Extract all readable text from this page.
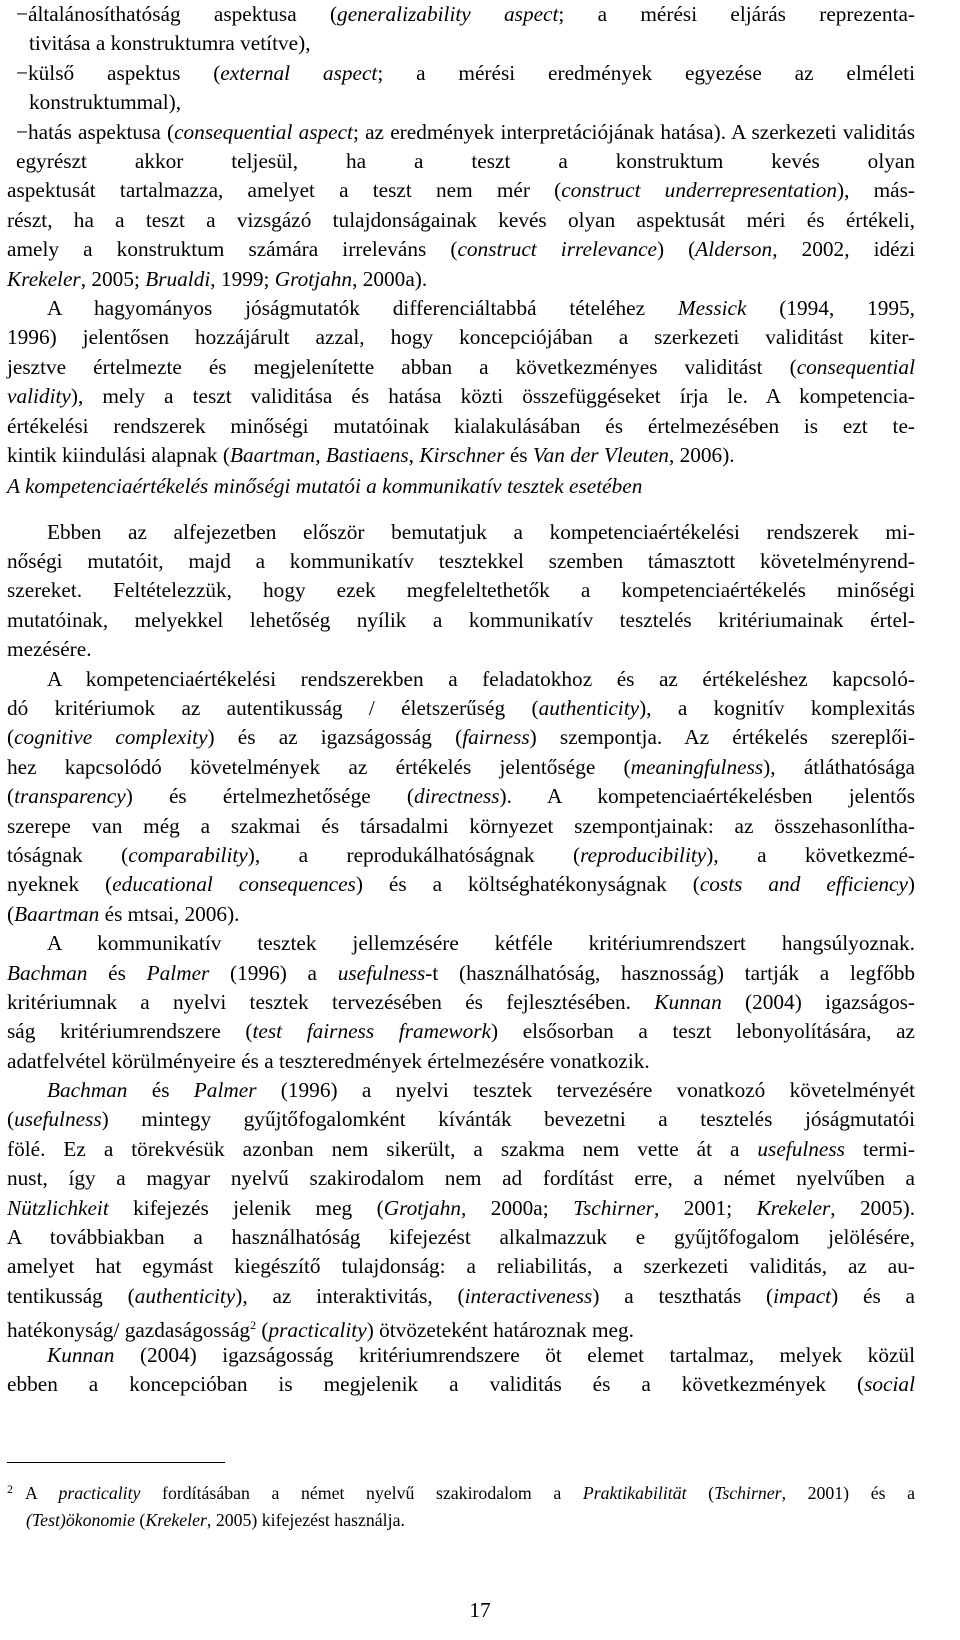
−általánosíthatóság aspektusa (generalizability aspect; a mérési eljárás reprezenta-
tivitása a konstruktumra vetítve),
−külső aspektus (external aspect; a mérési eredmények egyezése az elméleti
konstruktummal),
−hatás aspektusa (consequential aspect; az eredmények interpretációjának hatása). A szerkezeti validitás egyrészt akkor teljesül, ha a teszt a konstruktum kevés olyan
aspektusát tartalmazza, amelyet a teszt nem mér (construct underrepresentation), más-
részt, ha a teszt a vizsgázó tulajdonságainak kevés olyan aspektusát méri és értékeli,
amely a konstruktum számára irreleváns (construct irrelevance) (Alderson, 2002, idézi
Krekeler, 2005; Brualdi, 1999; Grotjahn, 2000a).
A hagyományos jóságmutatók differenciáltabbá tételéhez Messick (1994, 1995,
1996) jelentősen hozzájárult azzal, hogy koncepciójában a szerkezeti validitást kiter-
jesztve értelmezte és megjelenítette abban a következményes validitást (consequential
validity), mely a teszt validitása és hatása közti összefüggéseket írja le. A kompetencia-
értékelési rendszerek minőségi mutatóinak kialakulásában és értelmezésében is ezt te-
kintik kiindulási alapnak (Baartman, Bastiaens, Kirschner és Van der Vleuten, 2006).
A kompetenciaértékelés minőségi mutatói a kommunikatív tesztek esetében
Ebben az alfejezetben először bemutatjuk a kompetenciaértékelési rendszerek mi-
nőségi mutatóit, majd a kommunikatív tesztekkel szemben támasztott követelményrend-
szereket. Feltételezzük, hogy ezek megfeleltethetők a kompetenciaértékelés minőségi
mutatóinak, melyekkel lehetőség nyílik a kommunikatív tesztelés kritériumainak értel-
mezésére.
A kompetenciaértékelési rendszerekben a feladatokhoz és az értékeléshez kapcsoló-
dó kritériumok az autentikusság / életszerűség (authenticity), a kognitív komplexitás
(cognitive complexity) és az igazságosság (fairness) szempontja. Az értékelés szereplői-
hez kapcsolódó követelmények az értékelés jelentősége (meaningfulness), átláthatósága
(transparency) és értelmezhetősége (directness). A kompetenciaértékelésben jelentős
szerepe van még a szakmai és társadalmi környezet szempontjainak: az összehasonlítha-
tóságnak (comparability), a reprodukálhatóságnak (reproducibility), a következmé-
nyeknek (educational consequences) és a költséghatékonyságnak (costs and efficiency)
(Baartman és mtsai, 2006).
A kommunikatív tesztek jellemzésére kétféle kritériumrendszert hangsúlyoznak.
Bachman és Palmer (1996) a usefulness-t (használhatóság, hasznosság) tartják a legfőbb
kritériumnak a nyelvi tesztek tervezésében és fejlesztésében. Kunnan (2004) igazságos-
ság kritériumrendszere (test fairness framework) elsősorban a teszt lebonyolítására, az
adatfelvétel körülményeire és a teszteredmények értelmezésére vonatkozik.
Bachman és Palmer (1996) a nyelvi tesztek tervezésére vonatkozó követelményét
(usefulness) mintegy gyűjtőfogalomként kívánták bevezetni a tesztelés jóságmutatói
fölé. Ez a törekvésük azonban nem sikerült, a szakma nem vette át a usefulness termi-
nust, így a magyar nyelvű szakirodalom nem ad fordítást erre, a német nyelvűben a
Nützlichkeit kifejezés jelenik meg (Grotjahn, 2000a; Tschirner, 2001; Krekeler, 2005).
A továbbiakban a használhatóság kifejezést alkalmazzuk e gyűjtőfogalom jelölésére,
amelyet hat egymást kiegészítő tulajdonság: a reliabilitás, a szerkezeti validitás, az au-
tentikusság (authenticity), az interaktivitás, (interactiveness) a teszthatás (impact) és a
hatékonyság/ gazdaságosság$^2$ (practicality) ötvözeteként határoznak meg.
Kunnan (2004) igazságosság kritériumrendszere öt elemet tartalmaz, melyek közül
ebben a koncepcióban is megjelenik a validitás és a következmények (social
$^2$ A practicality fordításában a német nyelvű szakirodalom a Praktikabilität (Tschirner, 2001) és a
(Test)ökonomie (Krekeler, 2005) kifejezést használja.
17
